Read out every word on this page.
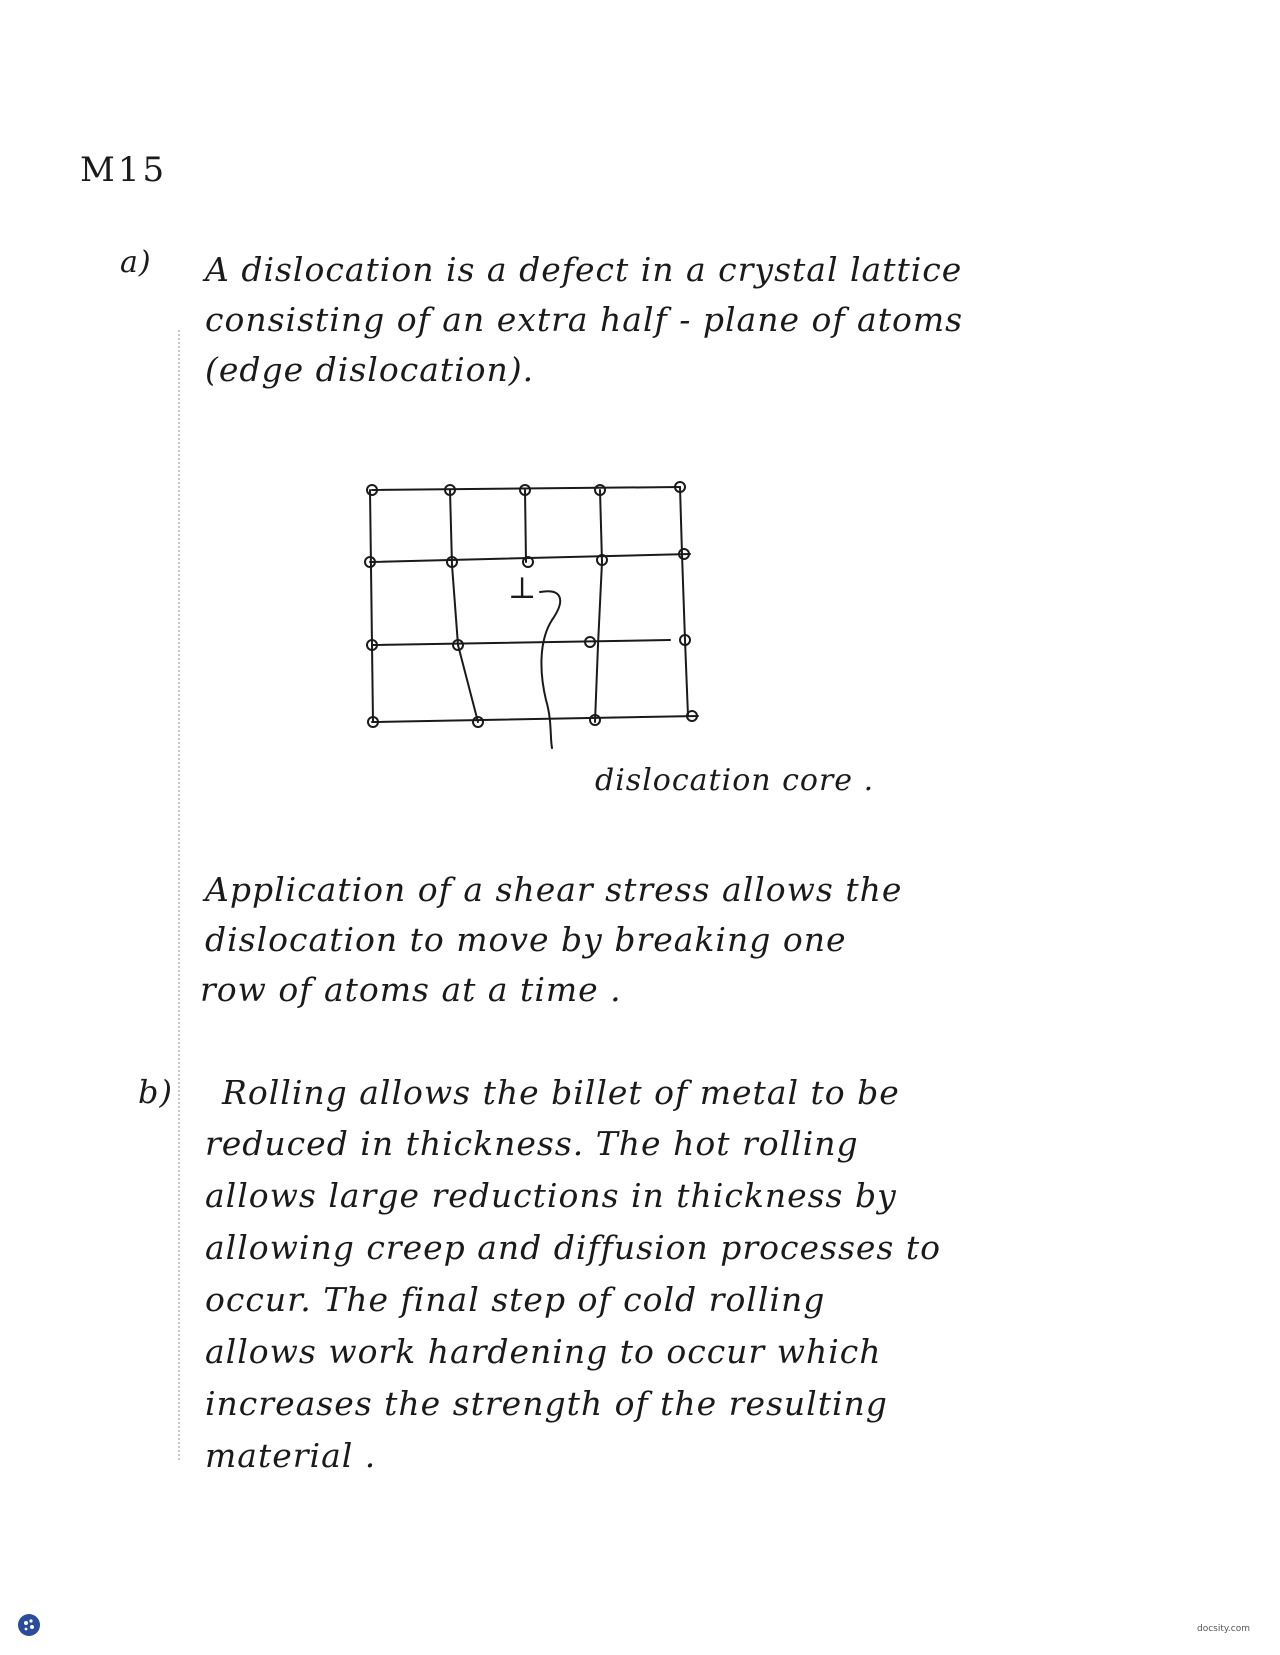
M15
a) A dislocation is a defect in a crystal lattice
consisting of an extra half - plane of atoms
(edge dislocation).
⊥
dislocation core .
Application of a shear stress allows the
dislocation to move by breaking one
row of atoms at a time .
b) Rolling allows the billet of metal to be
reduced in thickness. The hot rolling
allows large reductions in thickness by
allowing creep and diffusion processes to
occur. The final step of cold rolling
allows work hardening to occur which
increases the strength of the resulting
material .
docsity.com
